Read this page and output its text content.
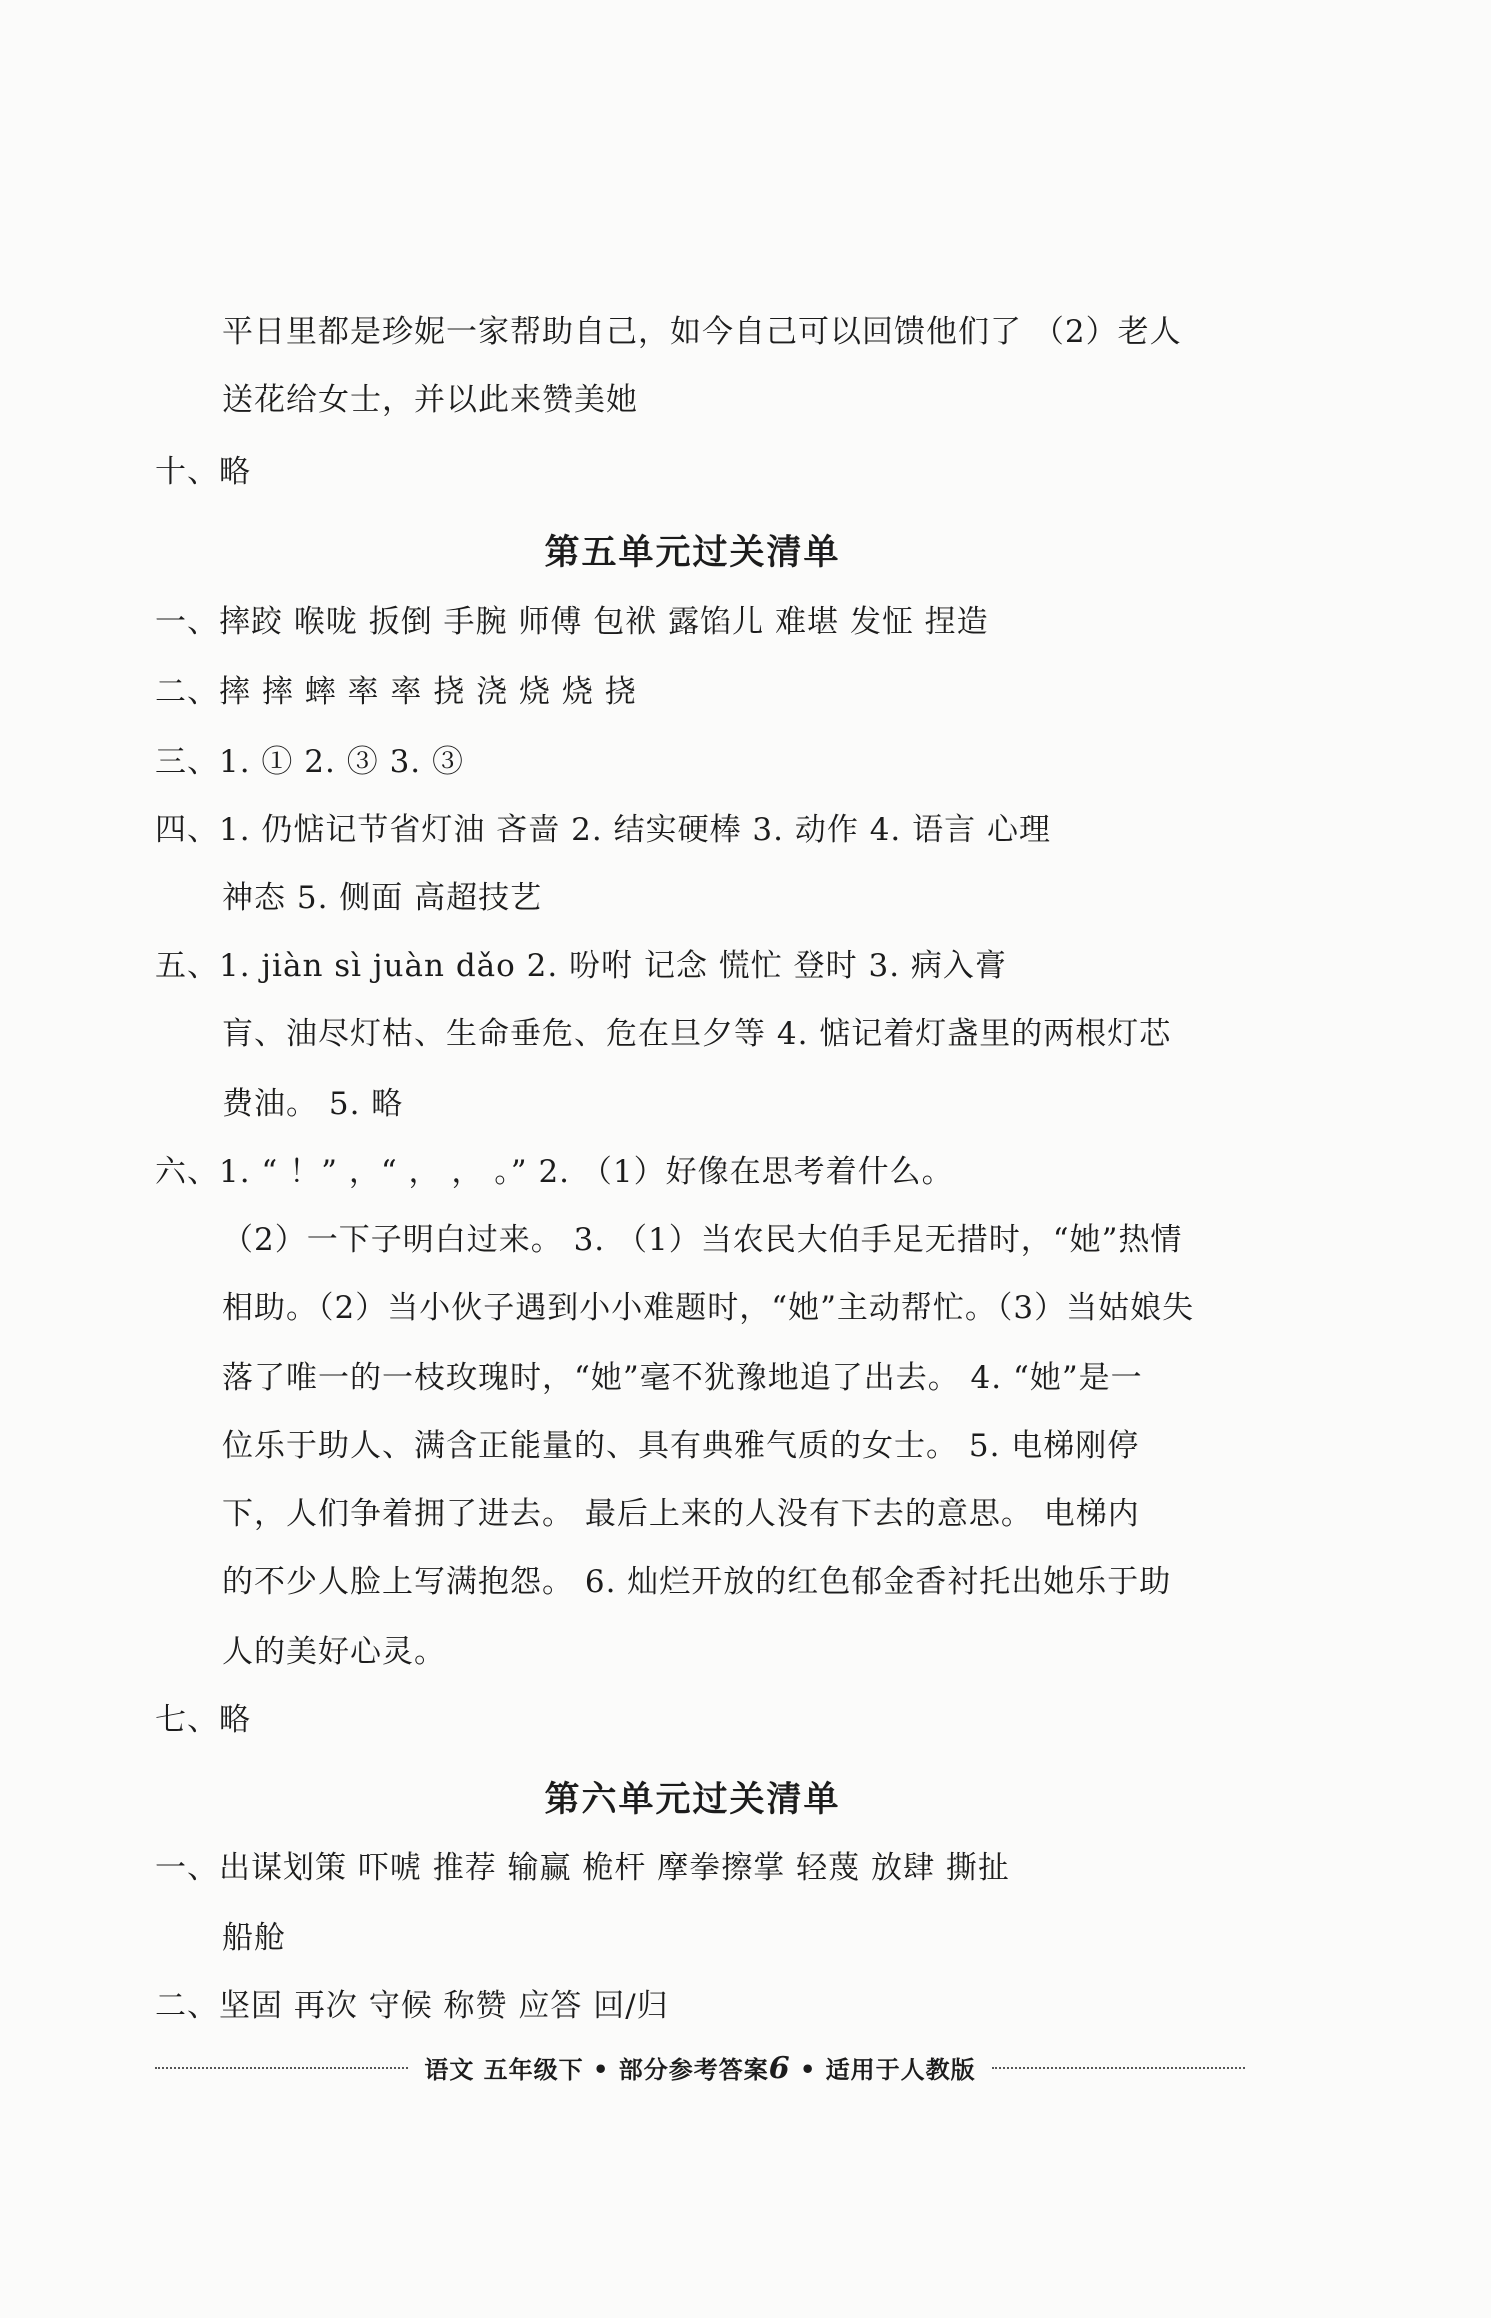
平日里都是珍妮一家帮助自己，如今自己可以回馈他们了 （2）老人
送花给女士，并以此来赞美她
十、略
第五单元过关清单
一、摔跤 喉咙 扳倒 手腕 师傅 包袱 露馅儿 难堪 发怔 捏造
二、摔 摔 蟀 率 率 挠 浇 烧 烧 挠
三、1. ① 2. ③ 3. ③
四、1. 仍惦记节省灯油 吝啬 2. 结实硬棒 3. 动作 4. 语言 心理
神态 5. 侧面 高超技艺
五、1. jiàn sì juàn dǎo 2. 吩咐 记念 慌忙 登时 3. 病入膏
肓、油尽灯枯、生命垂危、危在旦夕等 4. 惦记着灯盏里的两根灯芯
费油。 5. 略
六、1. “ ！” ，“ ， ， 。” 2. （1）好像在思考着什么。
（2）一下子明白过来。 3. （1）当农民大伯手足无措时，“她”热情
相助。（2）当小伙子遇到小小难题时，“她”主动帮忙。（3）当姑娘失
落了唯一的一枝玫瑰时，“她”毫不犹豫地追了出去。 4. “她”是一
位乐于助人、满含正能量的、具有典雅气质的女士。 5. 电梯刚停
下，人们争着拥了进去。 最后上来的人没有下去的意思。 电梯内
的不少人脸上写满抱怨。 6. 灿烂开放的红色郁金香衬托出她乐于助
人的美好心灵。
七、略
第六单元过关清单
一、出谋划策 吓唬 推荐 输赢 桅杆 摩拳擦掌 轻蔑 放肆 撕扯
船舱
二、坚固 再次 守候 称赞 应答 回/归
语文 五年级下 • 部分参考答案6 • 适用于人教版
